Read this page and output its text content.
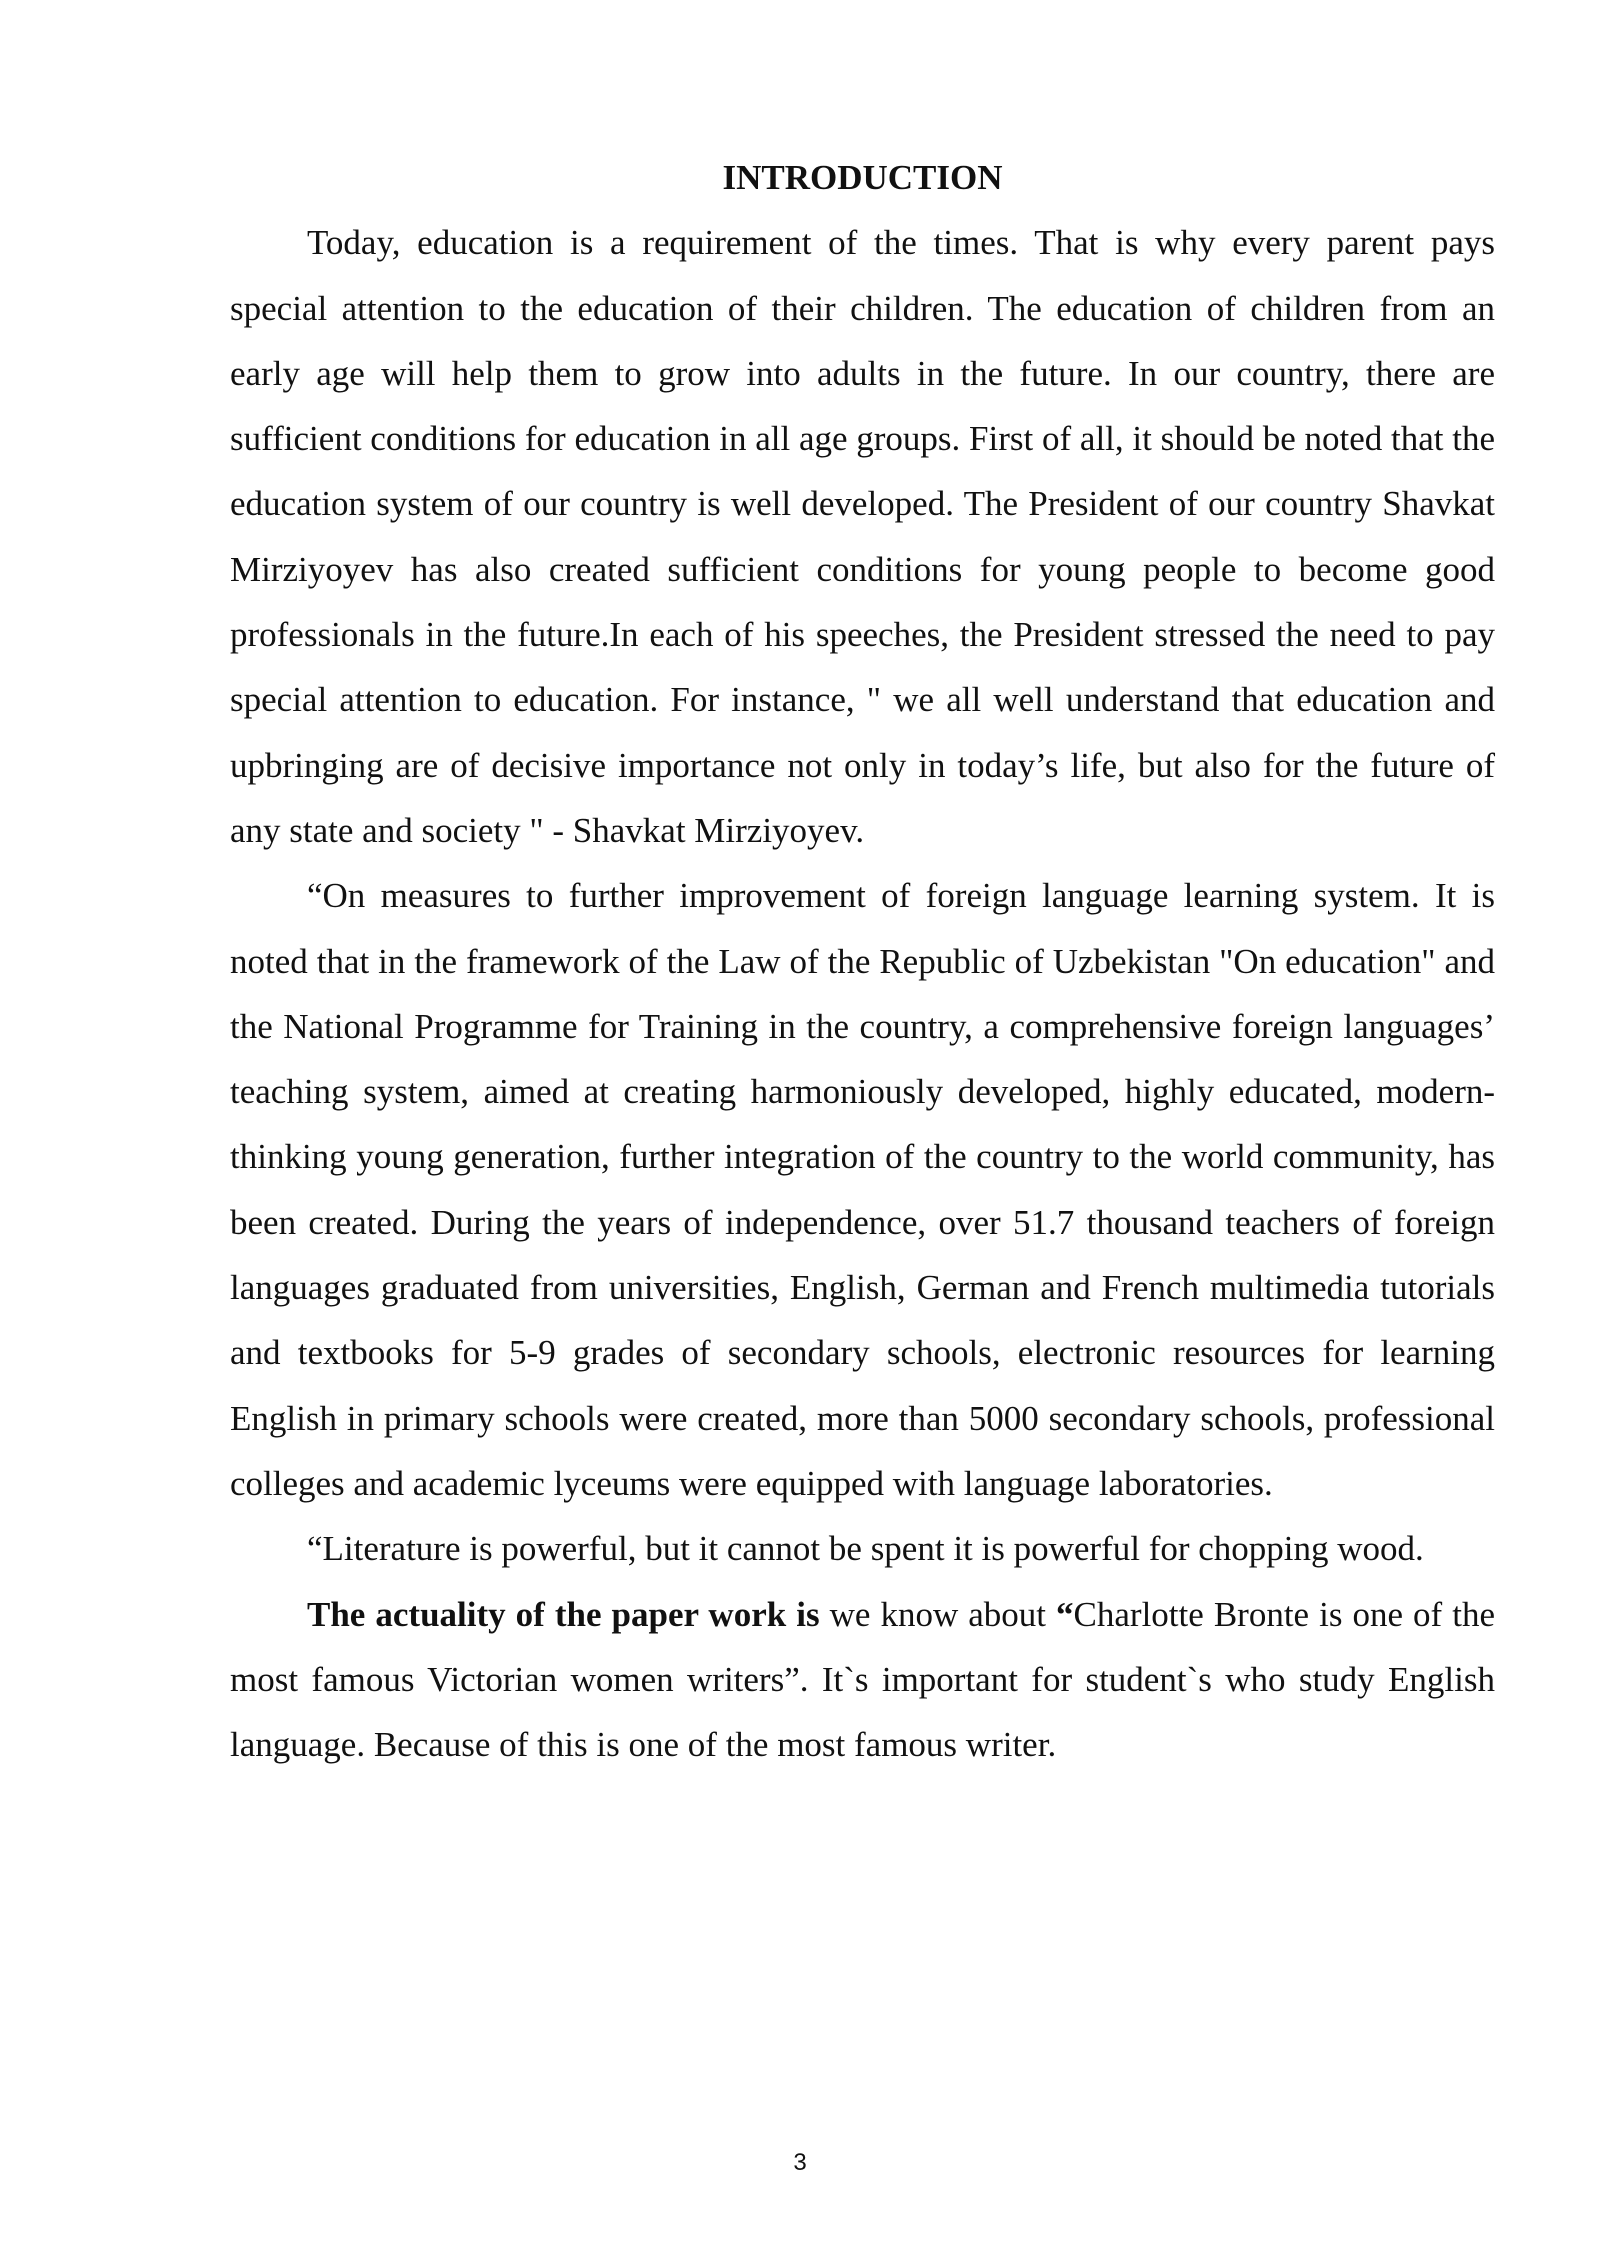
INTRODUCTION

Today, education is a requirement of the times. That is why every parent pays special attention to the education of their children. The education of children from an early age will help them to grow into adults in the future. In our country, there are sufficient conditions for education in all age groups. First of all, it should be noted that the education system of our country is well developed. The President of our country Shavkat Mirziyoyev has also created sufficient conditions for young people to become good professionals in the future.In each of his speeches, the President stressed the need to pay special attention to education. For instance, " we all well understand that education and upbringing are of decisive importance not only in today’s life, but also for the future of any state and society " - Shavkat Mirziyoyev.

“On measures to further improvement of foreign language learning system. It is noted that in the framework of the Law of the Republic of Uzbekistan "On education" and the National Programme for Training in the country, a comprehensive foreign languages’ teaching system, aimed at creating harmoniously developed, highly educated, modern-thinking young generation, further integration of the country to the world community, has been created. During the years of independence, over 51.7 thousand teachers of foreign languages graduated from universities, English, German and French multimedia tutorials and textbooks for 5-9 grades of secondary schools, electronic resources for learning English in primary schools were created, more than 5000 secondary schools, professional colleges and academic lyceums were equipped with language laboratories.

“Literature is powerful, but it cannot be spent it is powerful for chopping wood.

The actuality of the paper work is we know about “Charlotte Bronte is one of the most famous Victorian women writers”. It`s important for student`s who study English language. Because of this is one of the most famous writer.

3
